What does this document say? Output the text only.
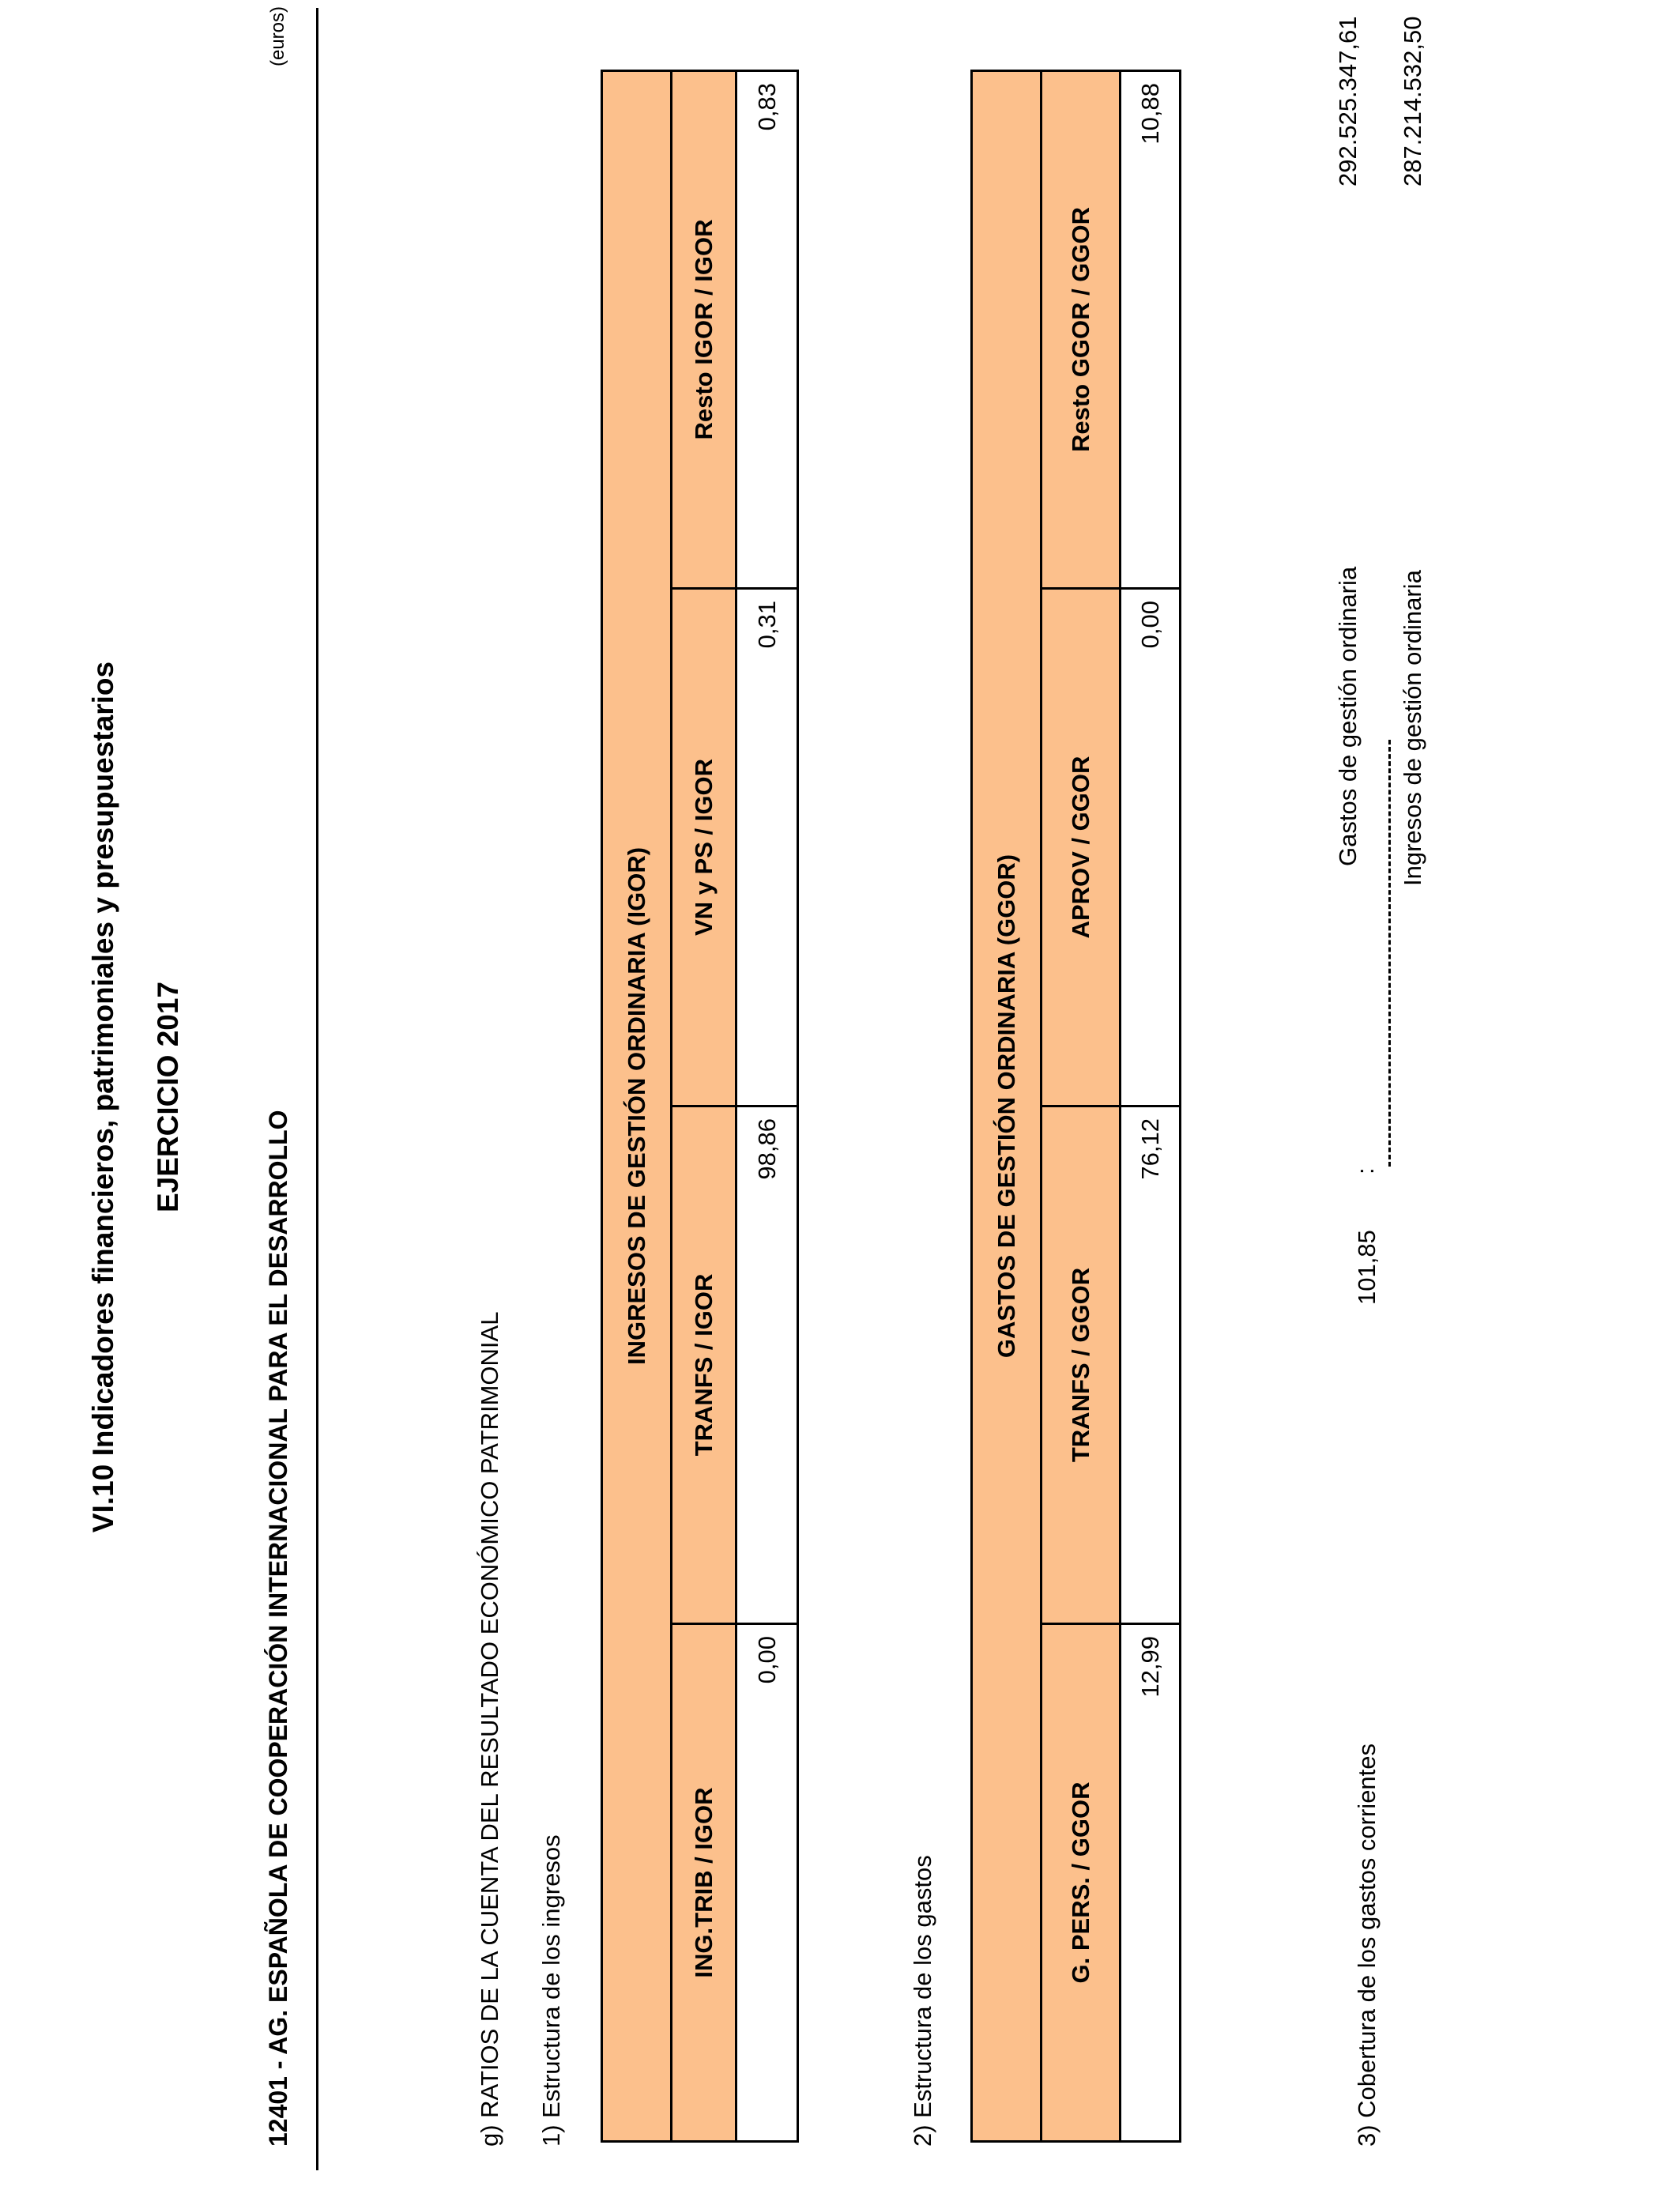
VI.10 Indicadores financieros, patrimoniales y presupuestarios EJERCICIO 2017
12401 - AG. ESPAÑOLA DE COOPERACIÓN INTERNACIONAL PARA EL DESARROLLO
(euros)
g) RATIOS DE LA CUENTA DEL RESULTADO ECONÓMICO PATRIMONIAL 1) Estructura de los ingresos
INGRESOS DE GESTIÓN ORDINARIA (IGOR)			
ING.TRIB / IGOR	TRANFS / IGOR	VN y PS / IGOR	Resto IGOR / IGOR
0,00	98,86	0,31	0,83
2) Estructura de los gastos
GASTOS DE GESTIÓN ORDINARIA (GGOR)			
G. PERS. / GGOR	TRANFS / GGOR	APROV / GGOR	Resto GGOR / GGOR
12,99	76,12	0,00	10,88
3) Cobertura de los gastos corrientes
101,85
:
Gastos de gestión ordinaria Ingresos de gestión ordinaria
292.525.347,61 287.214.532,50
